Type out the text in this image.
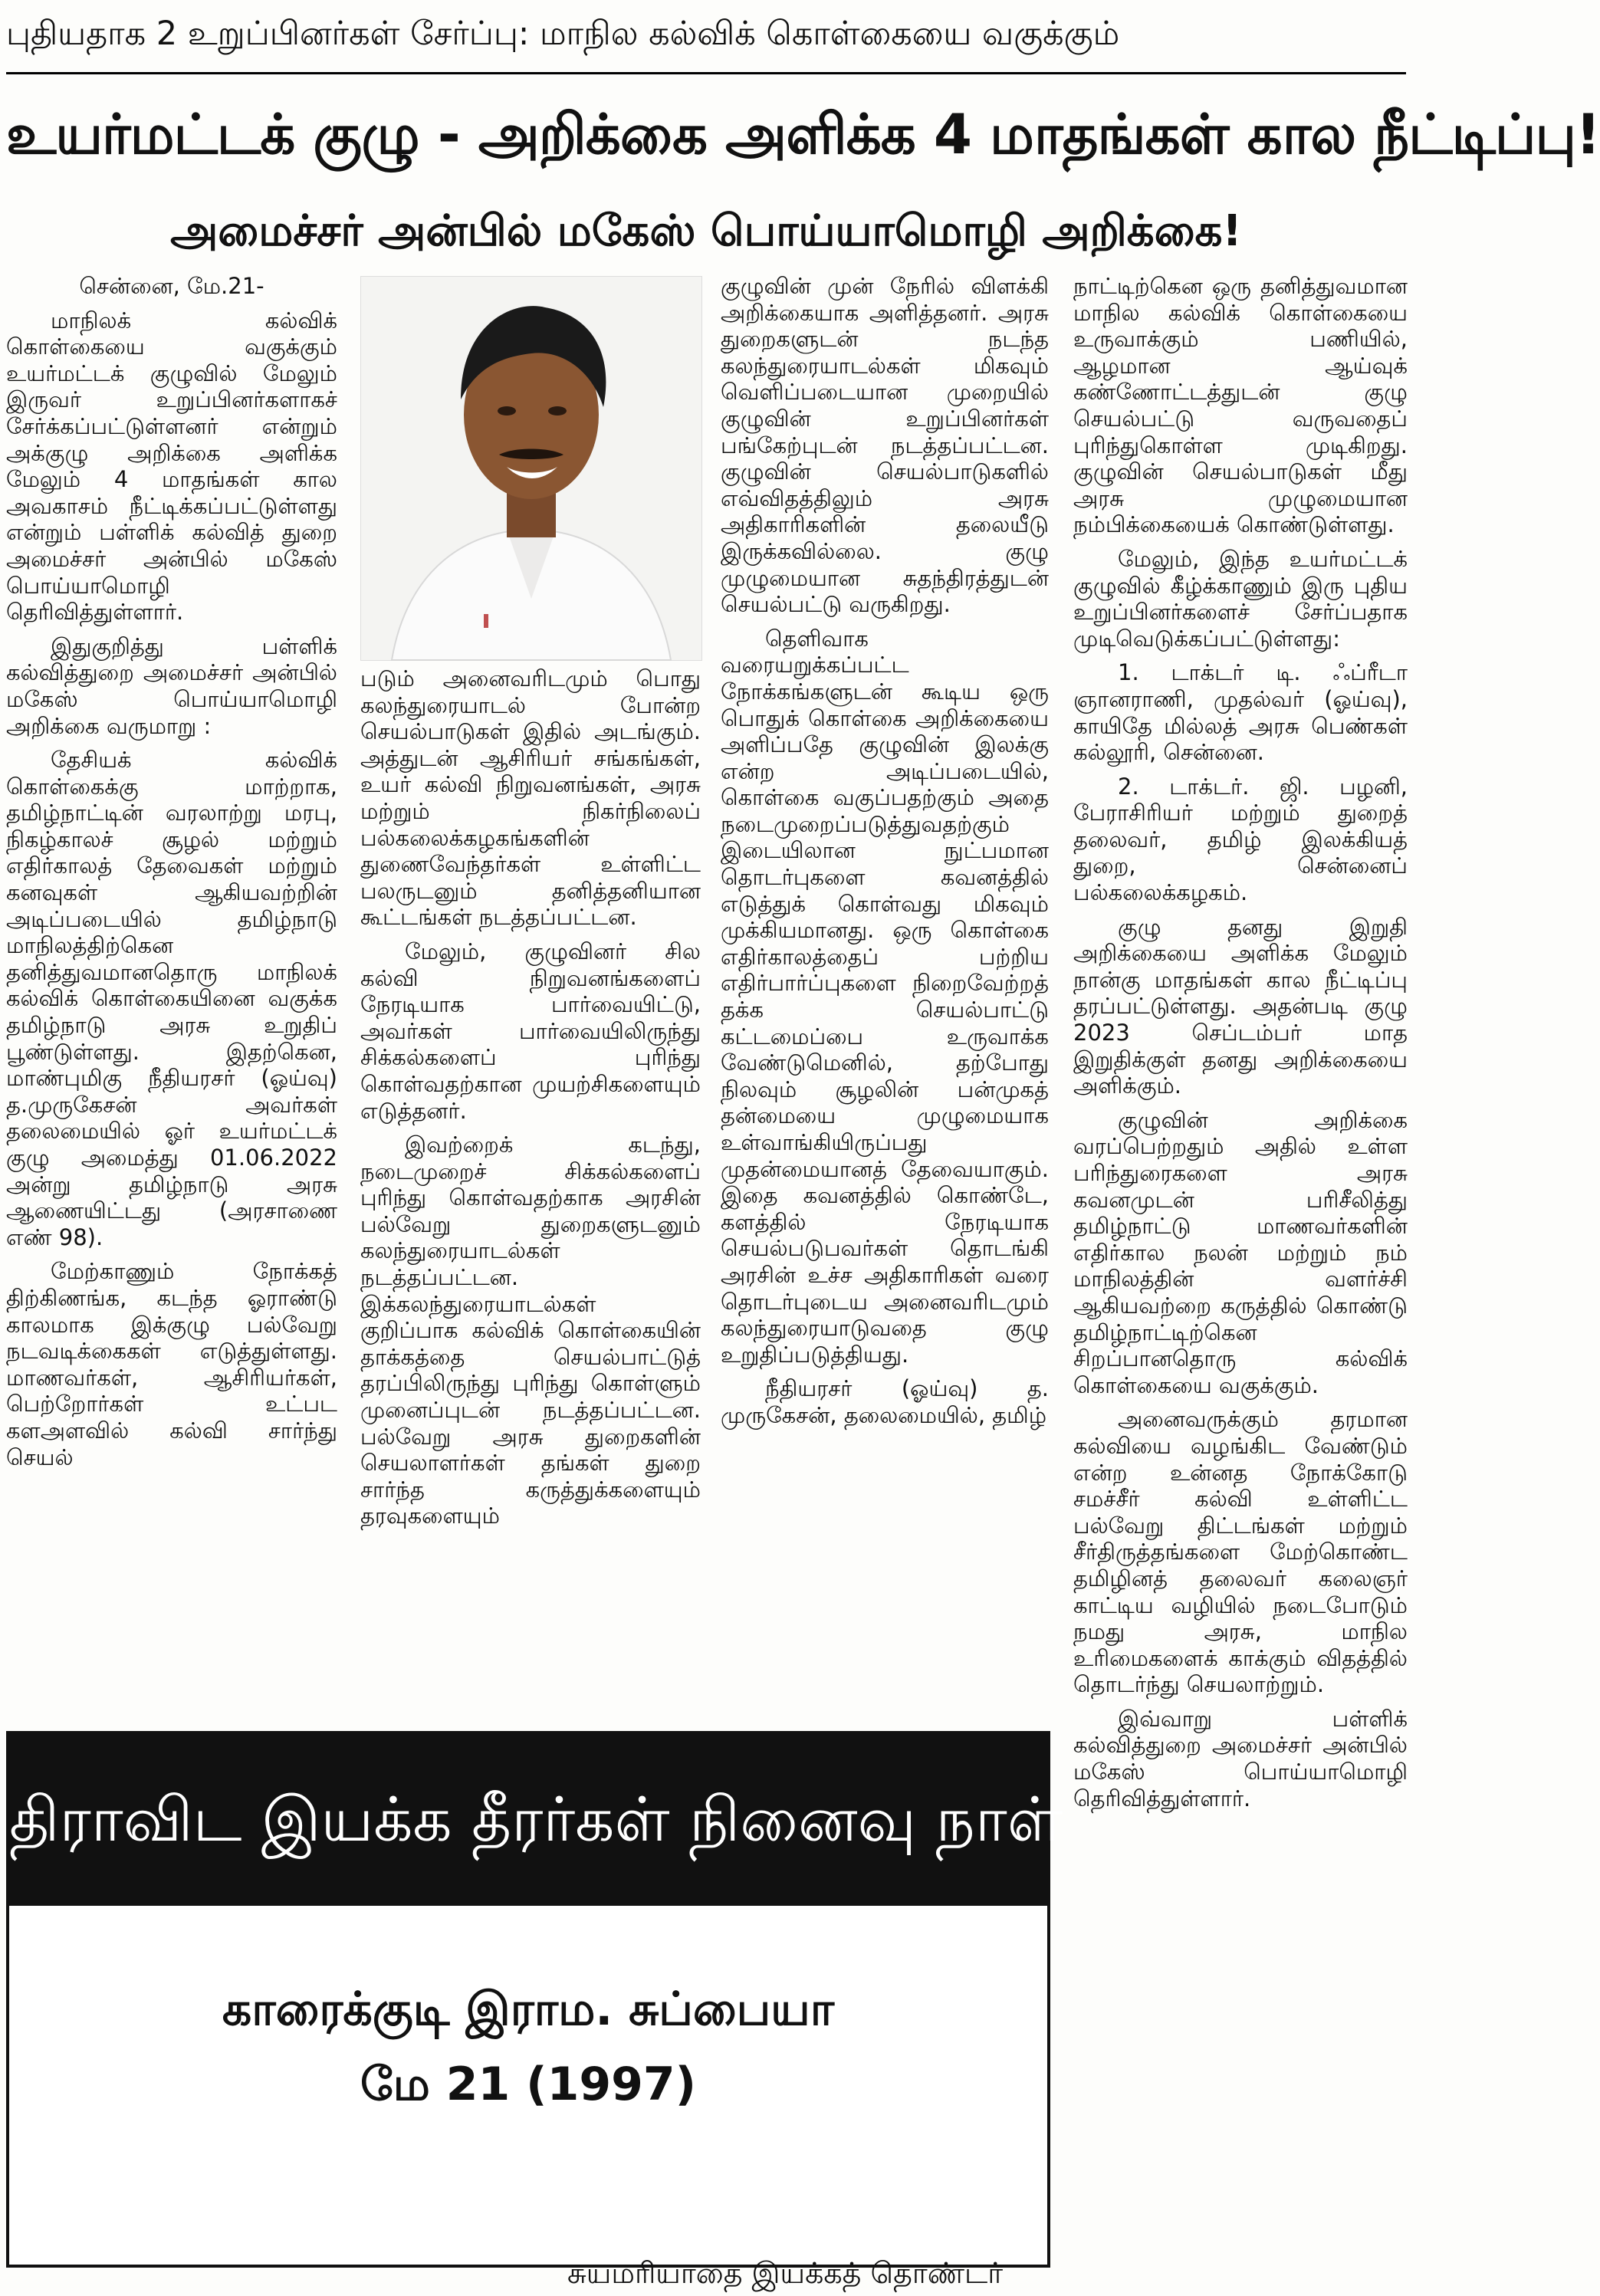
புதியதாக 2 உறுப்பினர்கள் சேர்ப்பு: மாநில கல்விக் கொள்கையை வகுக்கும்
உயர்மட்டக் குழு - அறிக்கை அளிக்க 4 மாதங்கள் கால நீட்டிப்பு!
அமைச்சர் அன்பில் மகேஸ் பொய்யாமொழி அறிக்கை!

சென்னை, மே.21-

மாநிலக் கல்விக் கொள்கையை வகுக்கும் உயர்மட்டக் குழுவில் மேலும் இருவர் உறுப்பினர்களாகச் சேர்க்கப்பட்டுள்ளனர் என்றும் அக்குழு அறிக்கை அளிக்க மேலும் 4 மாதங்கள் கால அவகாசம் நீட்டிக்கப்பட்டுள்ளது என்றும் பள்ளிக் கல்வித் துறை அமைச்சர் அன்பில் மகேஸ் பொய்யாமொழி தெரிவித்துள்ளார்.

இதுகுறித்து பள்ளிக் கல்வித்துறை அமைச்சர் அன்பில் மகேஸ் பொய்யாமொழி அறிக்கை வருமாறு :

தேசியக் கல்விக் கொள்கைக்கு மாற்றாக, தமிழ்நாட்டின் வரலாற்று மரபு, நிகழ்காலச் சூழல் மற்றும் எதிர்காலத் தேவைகள் மற்றும் கனவுகள் ஆகியவற்றின் அடிப்படையில் தமிழ்நாடு மாநிலத்திற்கென தனித்துவமானதொரு மாநிலக் கல்விக் கொள்கையினை வகுக்க தமிழ்நாடு அரசு உறுதிப் பூண்டுள்ளது. இதற்கென, மாண்புமிகு நீதியரசர் (ஓய்வு) த.முருகேசன் அவர்கள் தலைமையில் ஓர் உயர்மட்டக் குழு அமைத்து 01.06.2022 அன்று தமிழ்நாடு அரசு ஆணையிட்டது (அரசாணை எண் 98).

மேற்காணும் நோக்கத் திற்கிணங்க, கடந்த ஓராண்டு காலமாக இக்குழு பல்வேறு நடவடிக்கைகள் எடுத்துள்ளது. மாணவர்கள், ஆசிரியர்கள், பெற்றோர்கள் உட்பட களஅளவில் கல்வி சார்ந்து செயல்

படும் அனைவரிடமும் பொது கலந்துரையாடல் போன்ற செயல்பாடுகள் இதில் அடங்கும். அத்துடன் ஆசிரியர் சங்கங்கள், உயர் கல்வி நிறுவனங்கள், அரசு மற்றும் நிகர்நிலைப் பல்கலைக்கழகங்களின் துணைவேந்தர்கள் உள்ளிட்ட பலருடனும் தனித்தனியான கூட்டங்கள் நடத்தப்பட்டன.

மேலும், குழுவினர் சில கல்வி நிறுவனங்களைப் நேரடியாக பார்வையிட்டு, அவர்கள் பார்வையிலிருந்து சிக்கல்களைப் புரிந்து கொள்வதற்கான முயற்சிகளையும் எடுத்தனர்.

இவற்றைக் கடந்து, நடைமுறைச் சிக்கல்களைப் புரிந்து கொள்வதற்காக அரசின் பல்வேறு துறைகளுடனும் கலந்துரையாடல்கள் நடத்தப்பட்டன. இக்கலந்துரையாடல்கள் குறிப்பாக கல்விக் கொள்கையின் தாக்கத்தை செயல்பாட்டுத் தரப்பிலிருந்து புரிந்து கொள்ளும் முனைப்புடன் நடத்தப்பட்டன. பல்வேறு அரசு துறைகளின் செயலாளர்கள் தங்கள் துறை சார்ந்த கருத்துக்களையும் தரவுகளையும்

குழுவின் முன் நேரில் விளக்கி அறிக்கையாக அளித்தனர். அரசு துறைகளுடன் நடந்த கலந்துரையாடல்கள் மிகவும் வெளிப்படையான முறையில் குழுவின் உறுப்பினர்கள் பங்கேற்புடன் நடத்தப்பட்டன. குழுவின் செயல்பாடுகளில் எவ்விதத்திலும் அரசு அதிகாரிகளின் தலையீடு இருக்கவில்லை. குழு முழுமையான சுதந்திரத்துடன் செயல்பட்டு வருகிறது.

தெளிவாக வரையறுக்கப்பட்ட நோக்கங்களுடன் கூடிய ஒரு பொதுக் கொள்கை அறிக்கையை அளிப்பதே குழுவின் இலக்கு என்ற அடிப்படையில், கொள்கை வகுப்பதற்கும் அதை நடைமுறைப்படுத்துவதற்கும் இடையிலான நுட்பமான தொடர்புகளை கவனத்தில் எடுத்துக் கொள்வது மிகவும் முக்கியமானது. ஒரு கொள்கை எதிர்காலத்தைப் பற்றிய எதிர்பார்ப்புகளை நிறைவேற்றத் தக்க செயல்பாட்டு கட்டமைப்பை உருவாக்க வேண்டுமெனில், தற்போது நிலவும் சூழலின் பன்முகத் தன்மையை முழுமையாக உள்வாங்கியிருப்பது முதன்மையானத் தேவையாகும். இதை கவனத்தில் கொண்டே, களத்தில் நேரடியாக செயல்படுபவர்கள் தொடங்கி அரசின் உச்ச அதிகாரிகள் வரை தொடர்புடைய அனைவரிடமும் கலந்துரையாடுவதை குழு உறுதிப்படுத்தியது.

நீதியரசர் (ஓய்வு) த. முருகேசன், தலைமையில், தமிழ்

நாட்டிற்கென ஒரு தனித்துவமான மாநில கல்விக் கொள்கையை உருவாக்கும் பணியில், ஆழமான ஆய்வுக் கண்ணோட்டத்துடன் குழு செயல்பட்டு வருவதைப் புரிந்துகொள்ள முடிகிறது. குழுவின் செயல்பாடுகள் மீது அரசு முழுமையான நம்பிக்கையைக் கொண்டுள்ளது.

மேலும், இந்த உயர்மட்டக் குழுவில் கீழ்க்காணும் இரு புதிய உறுப்பினர்களைச் சேர்ப்பதாக முடிவெடுக்கப்பட்டுள்ளது:

1. டாக்டர் டி. ஃப்ரீடா ஞானராணி, முதல்வர் (ஓய்வு), காயிதே மில்லத் அரசு பெண்கள் கல்லூரி, சென்னை.

2. டாக்டர். ஜி. பழனி, பேராசிரியர் மற்றும் துறைத் தலைவர், தமிழ் இலக்கியத் துறை, சென்னைப் பல்கலைக்கழகம்.

குழு தனது இறுதி அறிக்கையை அளிக்க மேலும் நான்கு மாதங்கள் கால நீட்டிப்பு தரப்பட்டுள்ளது. அதன்படி குழு 2023 செப்டம்பர் மாத இறுதிக்குள் தனது அறிக்கையை அளிக்கும்.

குழுவின் அறிக்கை வரப்பெற்றதும் அதில் உள்ள பரிந்துரைகளை அரசு கவனமுடன் பரிசீலித்து தமிழ்நாட்டு மாணவர்களின் எதிர்கால நலன் மற்றும் நம் மாநிலத்தின் வளர்ச்சி ஆகியவற்றை கருத்தில் கொண்டு தமிழ்நாட்டிற்கென சிறப்பானதொரு கல்விக் கொள்கையை வகுக்கும்.

அனைவருக்கும் தரமான கல்வியை வழங்கிட வேண்டும் என்ற உன்னத நோக்கோடு சமச்சீர் கல்வி உள்ளிட்ட பல்வேறு திட்டங்கள் மற்றும் சீர்திருத்தங்களை மேற்கொண்ட தமிழினத் தலைவர் கலைஞர் காட்டிய வழியில் நடைபோடும் நமது அரசு, மாநில உரிமைகளைக் காக்கும் விதத்தில் தொடர்ந்து செயலாற்றும்.

இவ்வாறு பள்ளிக் கல்வித்துறை அமைச்சர் அன்பில் மகேஸ் பொய்யாமொழி தெரிவித்துள்ளார்.

திராவிட இயக்க தீரர்கள் நினைவு நாள்
காரைக்குடி இராம. சுப்பையா
மே 21 (1997)
சுயமரியாதை இயக்கத் தொண்டர்
